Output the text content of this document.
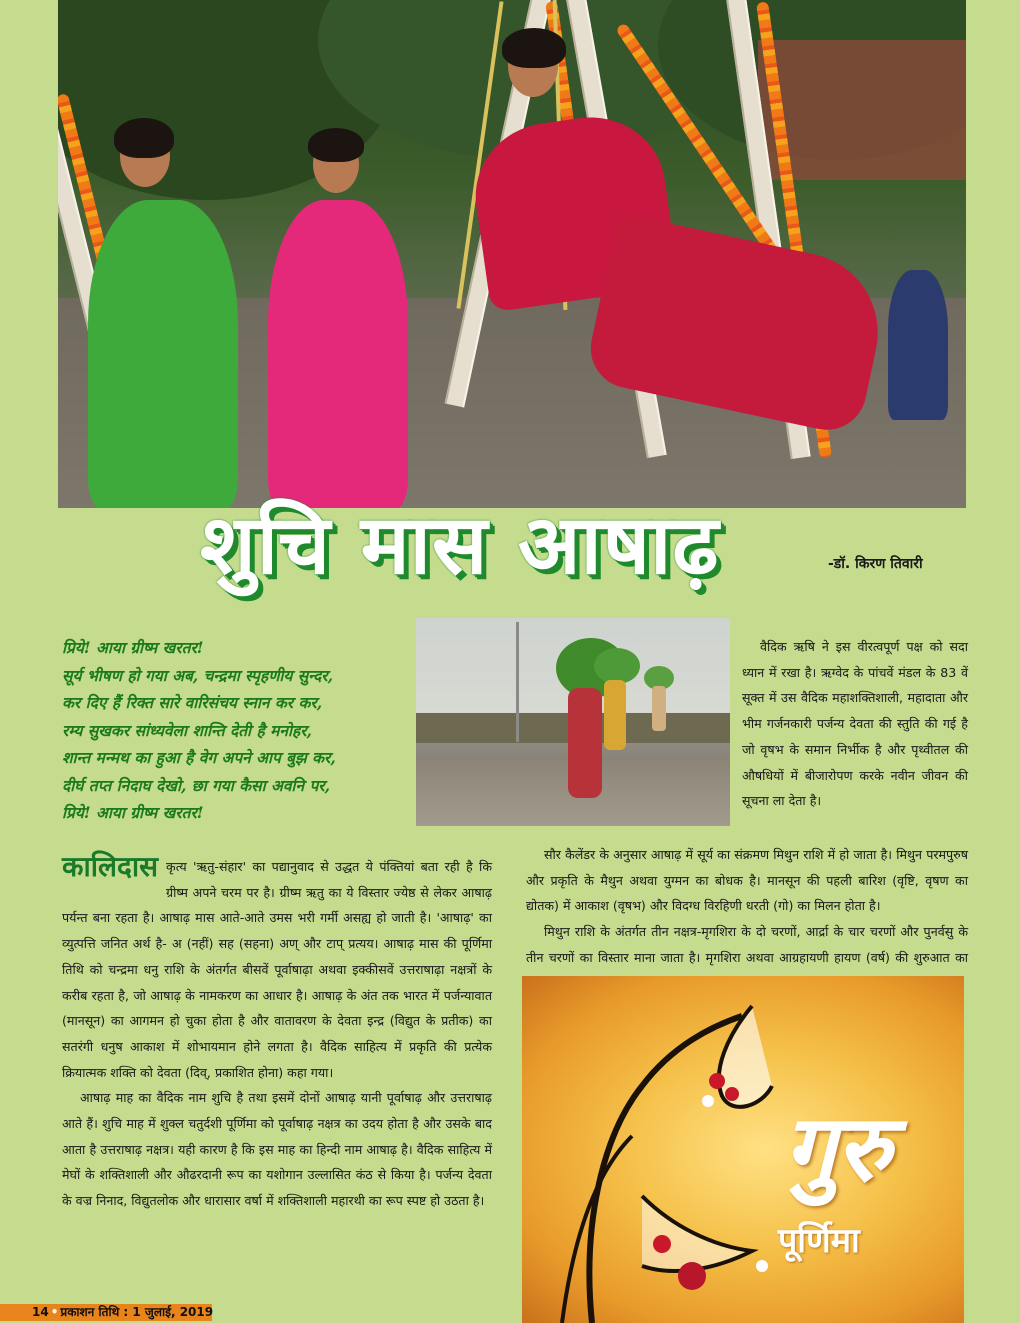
शुचि मास आषाढ़	-डॉ. किरण तिवारी
प्रिये! आया ग्रीष्म खरतर!
सूर्य भीषण हो गया अब, चन्द्रमा स्पृहणीय सुन्दर,
कर दिए हैं रिक्त सारे वारिसंचय स्नान कर कर,
रम्य सुखकर सांध्यवेला शान्ति देती है मनोहर,
शान्त मन्मथ का हुआ है वेग अपने आप बुझ कर,
दीर्घ तप्त निदाघ देखो, छा गया कैसा अवनि पर,
प्रिये! आया ग्रीष्म खरतर!
वैदिक ऋषि ने इस वीरत्वपूर्ण पक्ष को सदा ध्यान में रखा है। ऋग्वेद के पांचवें मंडल के 83 वें सूक्त में उस वैदिक महाशक्तिशाली, महादाता और भीम गर्जनकारी पर्जन्य देवता की स्तुति की गई है जो वृषभ के समान निर्भीक है और पृथ्वीतल की औषधियों में बीजारोपण करके नवीन जीवन की सूचना ला देता है।
सौर कैलेंडर के अनुसार आषाढ़ में सूर्य का संक्रमण मिथुन राशि में हो जाता है। मिथुन परमपुरुष और प्रकृति के मैथुन अथवा युग्मन का बोधक है। मानसून की पहली बारिश (वृष्टि, वृषण का द्योतक) में आकाश (वृषभ) और विदग्ध विरहिणी धरती (गो) का मिलन होता है।
मिथुन राशि के अंतर्गत तीन नक्षत्र-मृगशिरा के दो चरणों, आर्द्रा के चार चरणों और पुनर्वसु के तीन चरणों का विस्तार माना जाता है। मृगशिरा अथवा आग्रहायणी हायण (वर्ष) की शुरुआत का
कालिदास कृत्य 'ऋतु-संहार' का पद्यानुवाद से उद्धत ये पंक्तियां बता रही है कि ग्रीष्म अपने चरम पर है। ग्रीष्म ऋतु का ये विस्तार ज्येष्ठ से लेकर आषाढ़ पर्यन्त बना रहता है। आषाढ़ मास आते-आते उमस भरी गर्मी असह्य हो जाती है। 'आषाढ़' का व्युत्पत्ति जनित अर्थ है- अ (नहीं) सह (सहना) अण् और टाप् प्रत्यय। आषाढ़ मास की पूर्णिमा तिथि को चन्द्रमा धनु राशि के अंतर्गत बीसवें पूर्वाषाढ़ा अथवा इक्कीसवें उत्तराषाढ़ा नक्षत्रों के करीब रहता है, जो आषाढ़ के नामकरण का आधार है। आषाढ़ के अंत तक भारत में पर्जन्यावात (मानसून) का आगमन हो चुका होता है और वातावरण के देवता इन्द्र (विद्युत के प्रतीक) का सतरंगी धनुष आकाश में शोभायमान होने लगता है। वैदिक साहित्य में प्रकृति की प्रत्येक क्रियात्मक शक्ति को देवता (दिव्, प्रकाशित होना) कहा गया।
आषाढ़ माह का वैदिक नाम शुचि है तथा इसमें दोनों आषाढ़ यानी पूर्वाषाढ़ और उत्तराषाढ़ आते हैं। शुचि माह में शुक्ल चतुर्दशी पूर्णिमा को पूर्वाषाढ़ नक्षत्र का उदय होता है और उसके बाद आता है उत्तराषाढ़ नक्षत्र। यही कारण है कि इस माह का हिन्दी नाम आषाढ़ है। वैदिक साहित्य में मेघों के शक्तिशाली और औढरदानी रूप का यशोगान उल्लासित कंठ से किया है। पर्जन्य देवता के वज्र निनाद, विद्युतलोक और धारासार वर्षा में शक्तिशाली महारथी का रूप स्पष्ट हो उठता है।	गुरु
पूर्णिमा
14 • प्रकाशन तिथि : 1 जुलाई, 2019
